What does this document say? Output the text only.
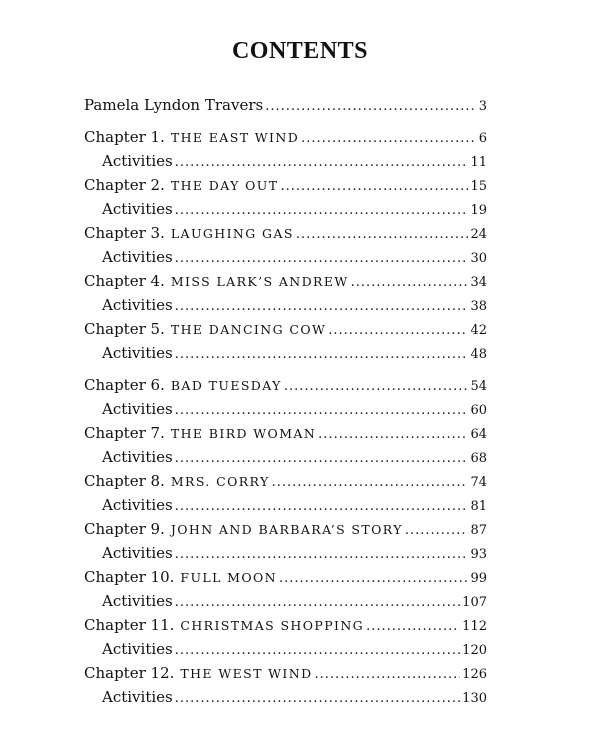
CONTENTS
Pamela Lyndon Travers .....	3
Chapter 1. THE EAST WIND .....	6
Activities .....	11
Chapter 2. THE DAY OUT .....	15
Activities .....	19
Chapter 3. LAUGHING GAS .....	24
Activities .....	30
Chapter 4. MISS LARK’S ANDREW .....	34
Activities .....	38
Chapter 5. THE DANCING COW .....	42
Activities .....	48
Chapter 6. BAD TUESDAY .....	54
Activities .....	60
Chapter 7. THE BIRD WOMAN .....	64
Activities .....	68
Chapter 8. MRS. CORRY .....	74
Activities .....	81
Chapter 9. JOHN AND BARBARA’S STORY .....	87
Activities .....	93
Chapter 10. FULL MOON .....	99
Activities .....	107
Chapter 11. CHRISTMAS SHOPPING .....	112
Activities .....	120
Chapter 12. THE WEST WIND .....	126
Activities .....	130
